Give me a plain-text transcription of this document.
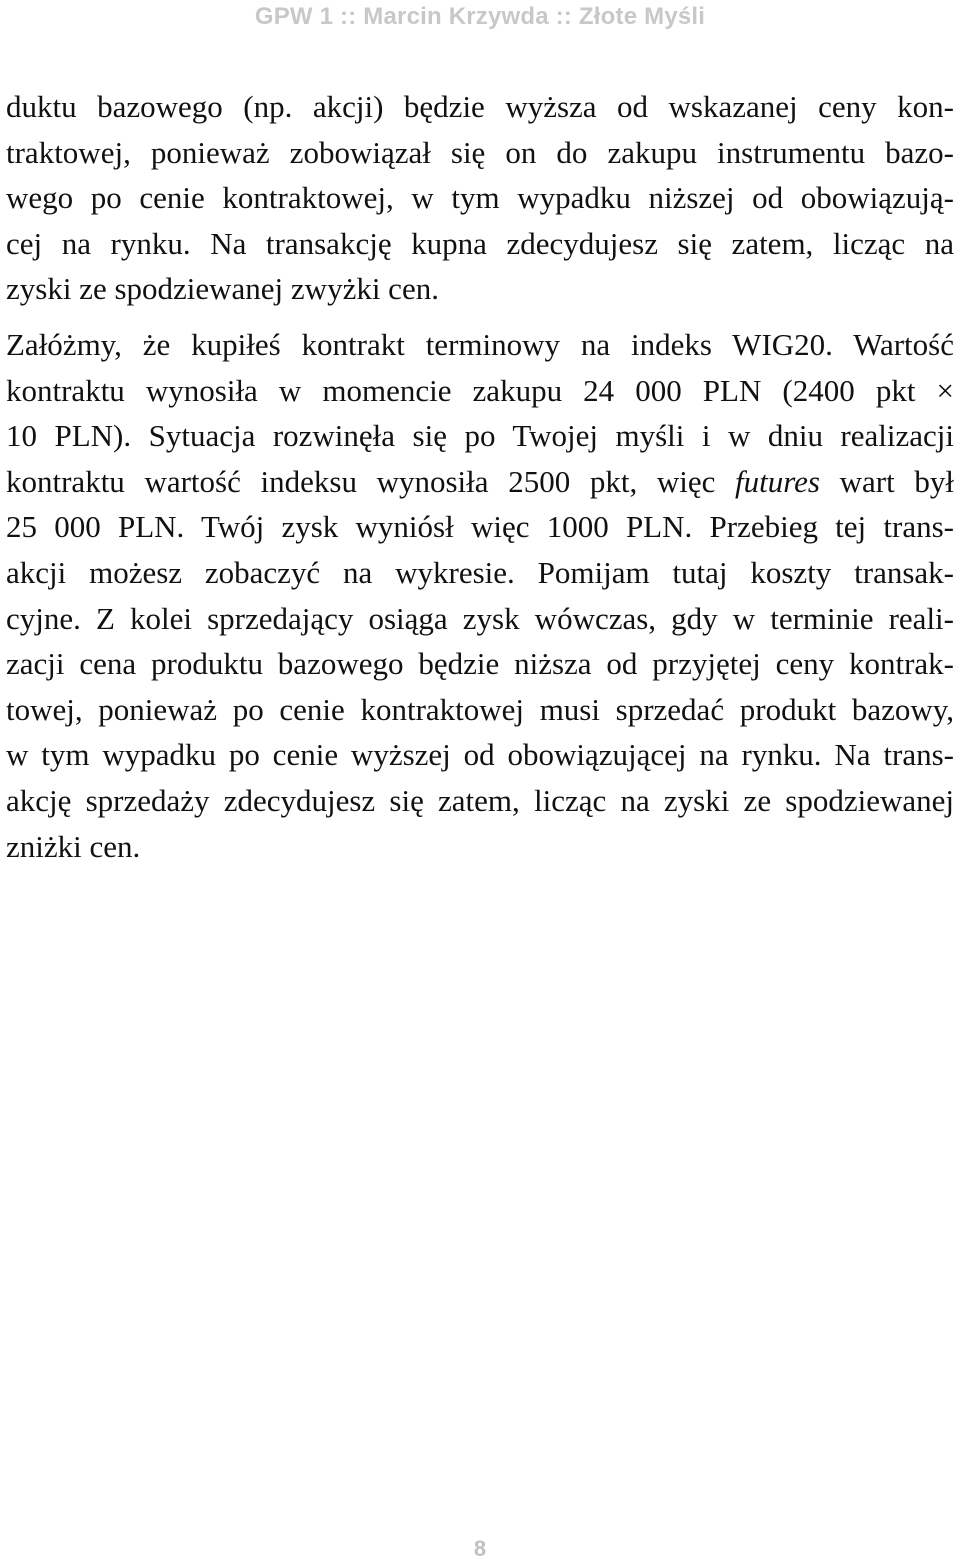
GPW 1 :: Marcin Krzywda :: Złote Myśli

duktu bazowego (np. akcji) będzie wyższa od wskazanej ceny kon-
traktowej, ponieważ zobowiązał się on do zakupu instrumentu bazo-
wego po cenie kontraktowej, w tym wypadku niższej od obowiązują-
cej na rynku. Na transakcję kupna zdecydujesz się zatem, licząc na
zyski ze spodziewanej zwyżki cen.

Załóżmy, że kupiłeś kontrakt terminowy na indeks WIG20. Wartość
kontraktu wynosiła w momencie zakupu 24 000 PLN (2400 pkt ×
10 PLN). Sytuacja rozwinęła się po Twojej myśli i w dniu realizacji
kontraktu wartość indeksu wynosiła 2500 pkt, więc futures wart był
25 000 PLN. Twój zysk wyniósł więc 1000 PLN. Przebieg tej trans-
akcji możesz zobaczyć na wykresie. Pomijam tutaj koszty transak-
cyjne. Z kolei sprzedający osiąga zysk wówczas, gdy w terminie reali-
zacji cena produktu bazowego będzie niższa od przyjętej ceny kontrak-
towej, ponieważ po cenie kontraktowej musi sprzedać produkt bazowy,
w tym wypadku po cenie wyższej od obowiązującej na rynku. Na trans-
akcję sprzedaży zdecydujesz się zatem, licząc na zyski ze spodziewanej
zniżki cen.

8
